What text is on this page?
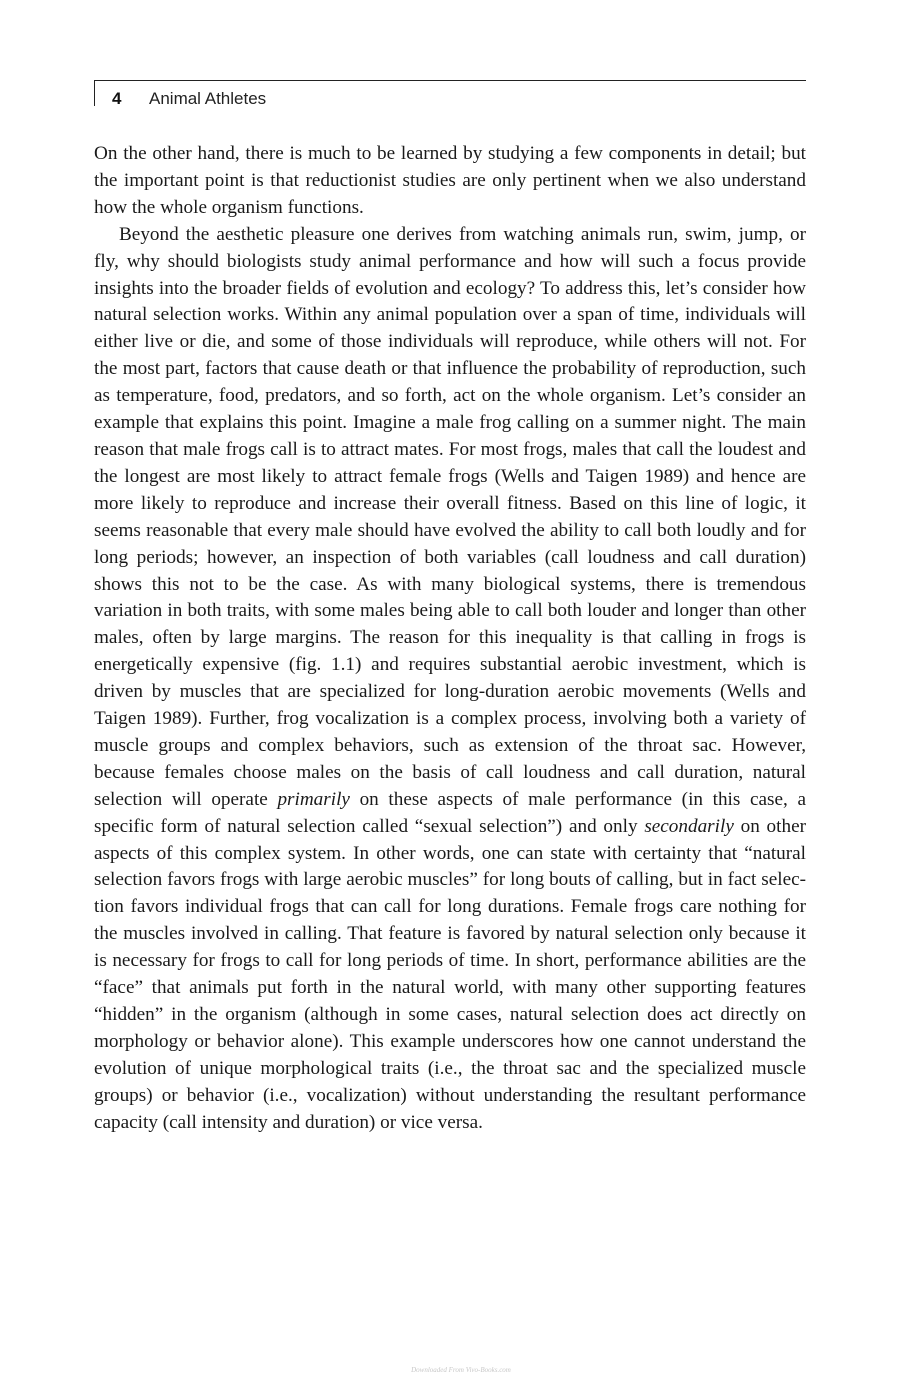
4 Animal Athletes

On the other hand, there is much to be learned by studying a few components in detail; but the important point is that reductionist studies are only pertinent when we also understand how the whole organism functions.

Beyond the aesthetic pleasure one derives from watching animals run, swim, jump, or fly, why should biologists study animal performance and how will such a focus provide insights into the broader fields of evolution and ecology? To address this, let’s consider how natural selection works. Within any animal population over a span of time, individuals will either live or die, and some of those individuals will reproduce, while others will not. For the most part, factors that cause death or that influence the probability of reproduction, such as temperature, food, predators, and so forth, act on the whole organism. Let’s consider an example that explains this point. Imagine a male frog calling on a summer night. The main reason that male frogs call is to attract mates. For most frogs, males that call the loudest and the longest are most likely to attract female frogs (Wells and Taigen 1989) and hence are more likely to reproduce and increase their overall fitness. Based on this line of logic, it seems reasonable that every male should have evolved the ability to call both loudly and for long periods; however, an inspection of both variables (call loudness and call duration) shows this not to be the case. As with many biological systems, there is tremendous variation in both traits, with some males being able to call both louder and longer than other males, often by large margins. The reason for this inequality is that calling in frogs is energetically expensive (fig. 1.1) and requires substantial aerobic investment, which is driven by muscles that are specialized for long-duration aerobic movements (Wells and Taigen 1989). Further, frog vocalization is a complex process, involving both a variety of muscle groups and complex behaviors, such as extension of the throat sac. However, because females choose males on the basis of call loudness and call duration, natural selection will operate primarily on these aspects of male performance (in this case, a specific form of natural selection called “sexual selection”) and only secondarily on other aspects of this complex system. In other words, one can state with certainty that “natural selection favors frogs with large aerobic muscles” for long bouts of calling, but in fact selection favors individual frogs that can call for long durations. Female frogs care nothing for the muscles involved in calling. That feature is favored by natural selection only because it is necessary for frogs to call for long periods of time. In short, performance abilities are the “face” that animals put forth in the natural world, with many other supporting features “hidden” in the organism (although in some cases, natural selection does act directly on morphology or behavior alone). This example underscores how one cannot understand the evolution of unique morphological traits (i.e., the throat sac and the specialized muscle groups) or behavior (i.e., vocalization) without understanding the resultant performance capacity (call intensity and duration) or vice versa.

Downloaded From Vivo-Books.com
